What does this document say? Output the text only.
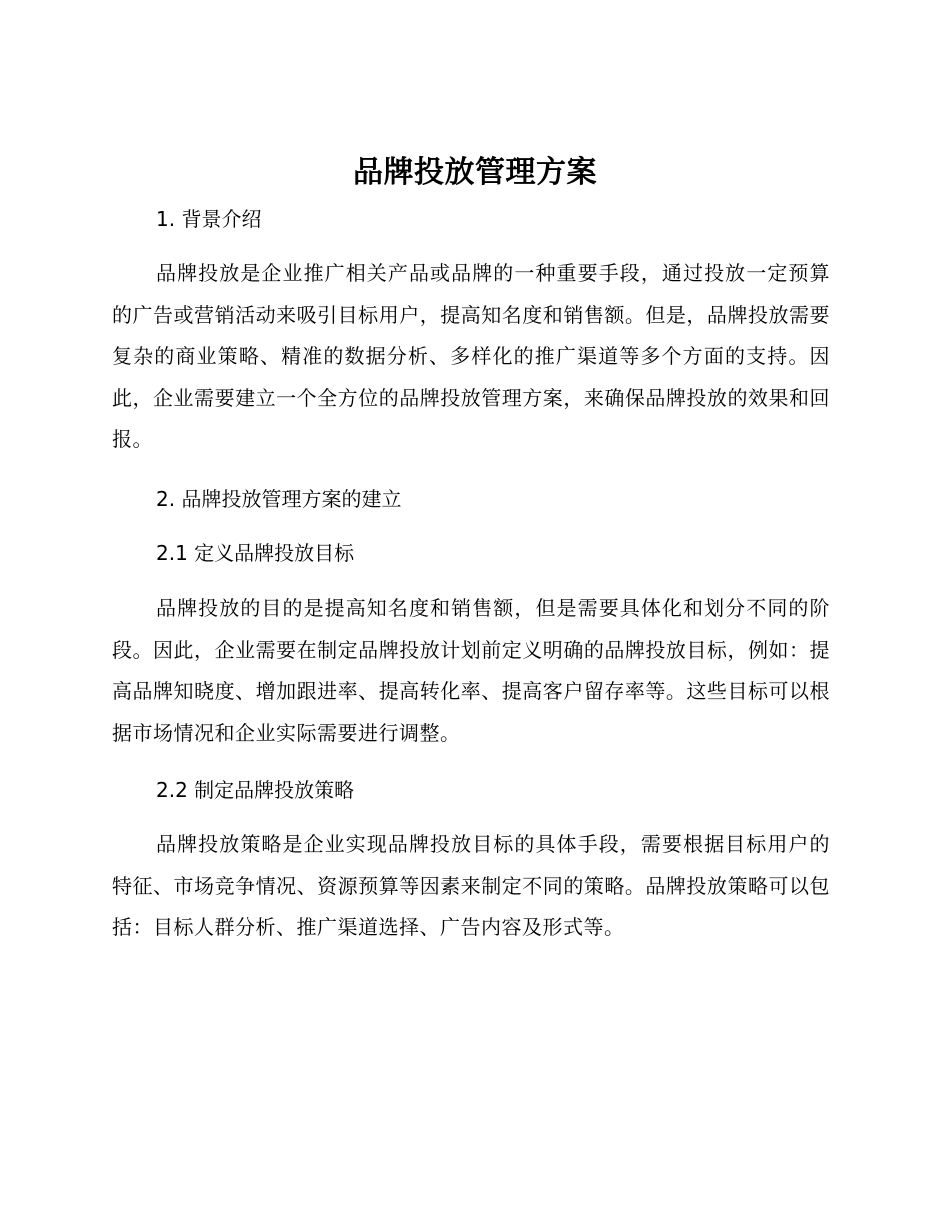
品牌投放管理方案
1. 背景介绍
品牌投放是企业推广相关产品或品牌的一种重要手段，通过投放一定预算的广告或营销活动来吸引目标用户，提高知名度和销售额。但是，品牌投放需要复杂的商业策略、精准的数据分析、多样化的推广渠道等多个方面的支持。因此，企业需要建立一个全方位的品牌投放管理方案，来确保品牌投放的效果和回报。
2. 品牌投放管理方案的建立
2.1 定义品牌投放目标
品牌投放的目的是提高知名度和销售额，但是需要具体化和划分不同的阶段。因此，企业需要在制定品牌投放计划前定义明确的品牌投放目标，例如：提高品牌知晓度、增加跟进率、提高转化率、提高客户留存率等。这些目标可以根据市场情况和企业实际需要进行调整。
2.2 制定品牌投放策略
品牌投放策略是企业实现品牌投放目标的具体手段，需要根据目标用户的特征、市场竞争情况、资源预算等因素来制定不同的策略。品牌投放策略可以包括：目标人群分析、推广渠道选择、广告内容及形式等。
